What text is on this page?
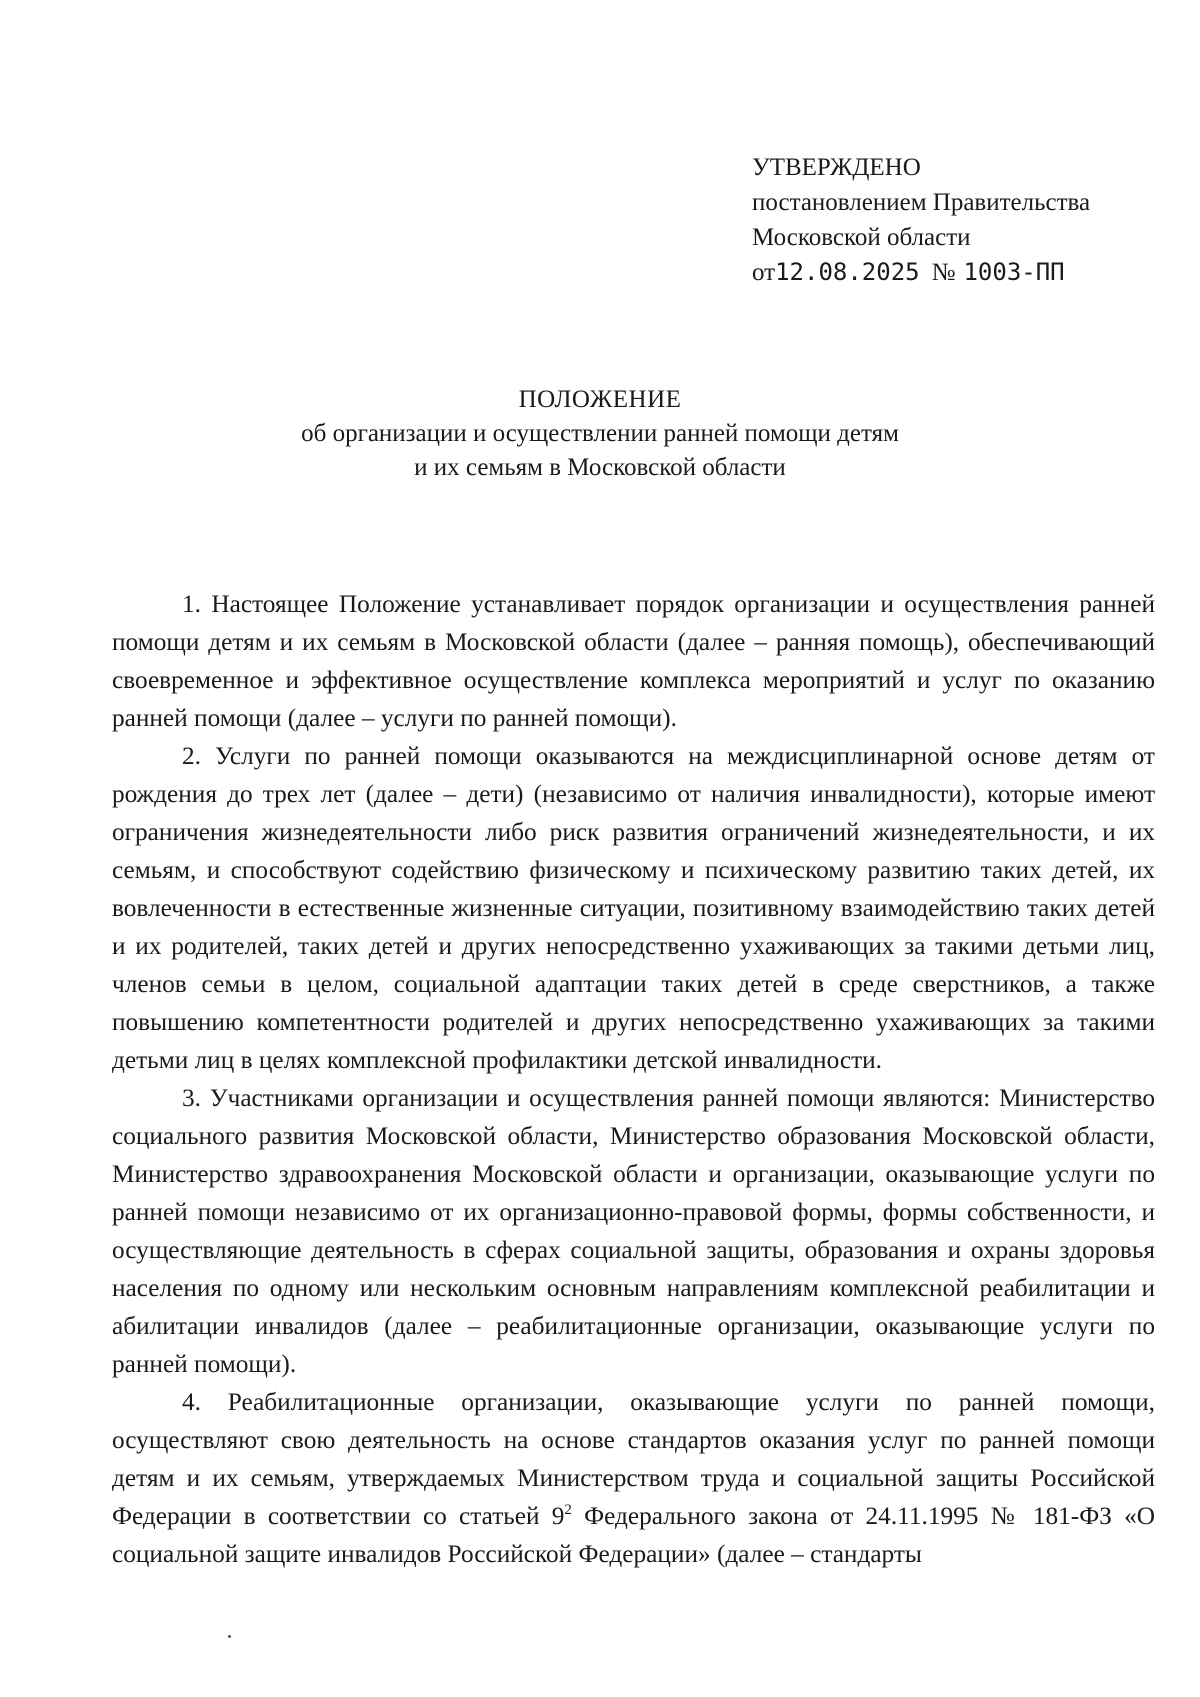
УТВЕРЖДЕНО
постановлением Правительства
Московской области
от12.08.2025 № 1003-ПП
ПОЛОЖЕНИЕ
об организации и осуществлении ранней помощи детям
и их семьям в Московской области

1. Настоящее Положение устанавливает порядок организации и осуществления ранней помощи детям и их семьям в Московской области (далее – ранняя помощь), обеспечивающий своевременное и эффективное осуществление комплекса мероприятий и услуг по оказанию ранней помощи (далее – услуги по ранней помощи).

2. Услуги по ранней помощи оказываются на междисциплинарной основе детям от рождения до трех лет (далее – дети) (независимо от наличия инвалидности), которые имеют ограничения жизнедеятельности либо риск развития ограничений жизнедеятельности, и их семьям, и способствуют содействию физическому и психическому развитию таких детей, их вовлеченности в естественные жизненные ситуации, позитивному взаимодействию таких детей и их родителей, таких детей и других непосредственно ухаживающих за такими детьми лиц, членов семьи в целом, социальной адаптации таких детей в среде сверстников, а также повышению компетентности родителей и других непосредственно ухаживающих за такими детьми лиц в целях комплексной профилактики детской инвалидности.

3. Участниками организации и осуществления ранней помощи являются: Министерство социального развития Московской области, Министерство образования Московской области, Министерство здравоохранения Московской области и организации, оказывающие услуги по ранней помощи независимо от их организационно-правовой формы, формы собственности, и осуществляющие деятельность в сферах социальной защиты, образования и охраны здоровья населения по одному или нескольким основным направлениям комплексной реабилитации и абилитации инвалидов (далее – реабилитационные организации, оказывающие услуги по ранней помощи).

4. Реабилитационные организации, оказывающие услуги по ранней помощи, осуществляют свою деятельность на основе стандартов оказания услуг по ранней помощи детям и их семьям, утверждаемых Министерством труда и социальной защиты Российской Федерации в соответствии со статьей $9^2$ Федерального закона от 24.11.1995 № 181-ФЗ «О социальной защите инвалидов Российской Федерации» (далее – стандарты
